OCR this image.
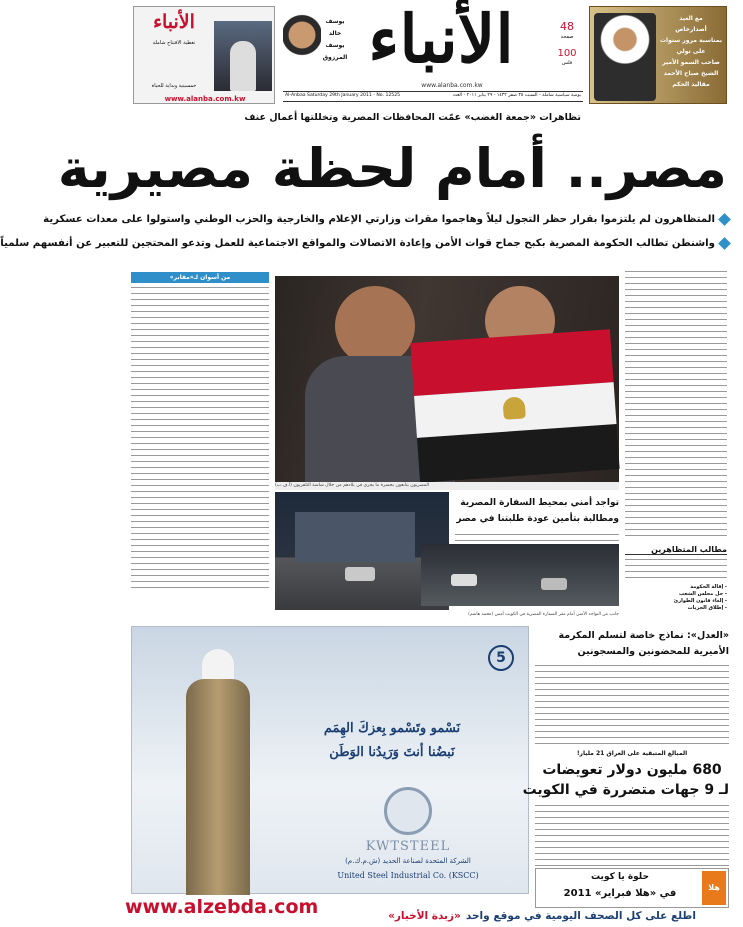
الأنباء
تغطية الافتتاح شاملة
خمسينية وبداية للحياة
www.alanba.com.kw
يوسف
خالد
يوسف
المرزوق الأنباء
www.alanba.com.kw
48
صفحة
100
فلس
Al-Anbaa Saturday 29th January 2011 - No. 12525	يومية سياسية شاملة - السبت ٢٥ صفر ١٤٣٢ - ٢٩ يناير ٢٠١١ - العدد
مع العيد
أصدارخاص
بمناسبة مرور سنوات
على تولي
صاحب السمو الأمير
الشيخ صباح الأحمد
مقاليد الحكم
تظاهرات «جمعة الغضب» عمّت المحافظات المصرية وتخللتها أعمال عنف
مصر.. أمام لحظة مصيرية
المتظاهرون لم يلتزموا بقرار حظر التجول ليلاً وهاجموا مقرات وزارتي الإعلام والخارجية والحزب الوطني واستولوا على معدات عسكرية
واشنطن تطالب الحكومة المصرية بكبح جماح قوات الأمن وإعادة الاتصالات والمواقع الاجتماعية للعمل وتدعو المحتجين للتعبير عن أنفسهم سلمياً
من أسوان لـ«مقابر»
المصريون يتابعون بحسرة ما يجري في بلادهم من خلال شاشة التلفزيون (أ.ف.ب)
مطالب المتظاهرين
- إقالة الحكومة
- حل مجلس الشعب
- إلغاء قانون الطوارئ
- إطلاق الحريات
تواجد أمني بمحيط السفارة المصرية
ومطالبة بتأمين عودة طلبتنا في مصر
جانب من التواجد الأمني أمام مقر السفارة المصرية في الكويت أمس (محمد هاشم)
5
نَسْمو وتَسْمو بِعزكَ الهِمَم
نَبضُنا أنتَ وَرَيدُنا الوَطَن
KWTSTEEL
الشركة المتحدة لصناعة الحديد (ش.م.ك.م)
United Steel Industrial Co. (KSCC)
«العدل»: نماذج خاصة لتسلم المكرمة
الأميرية للمحضونين والمسجونين
المبالغ المتبقية على العراق 21 مليار!
680 مليون دولار تعويضات
لـ 9 جهات متضررة في الكويت
هلا
حلوة يا كويت
في «هلا فبراير» 2011
www.alzebda.com	اطلع على كل الصحف اليومية في موقع واحد «زبدة الأخبار»
